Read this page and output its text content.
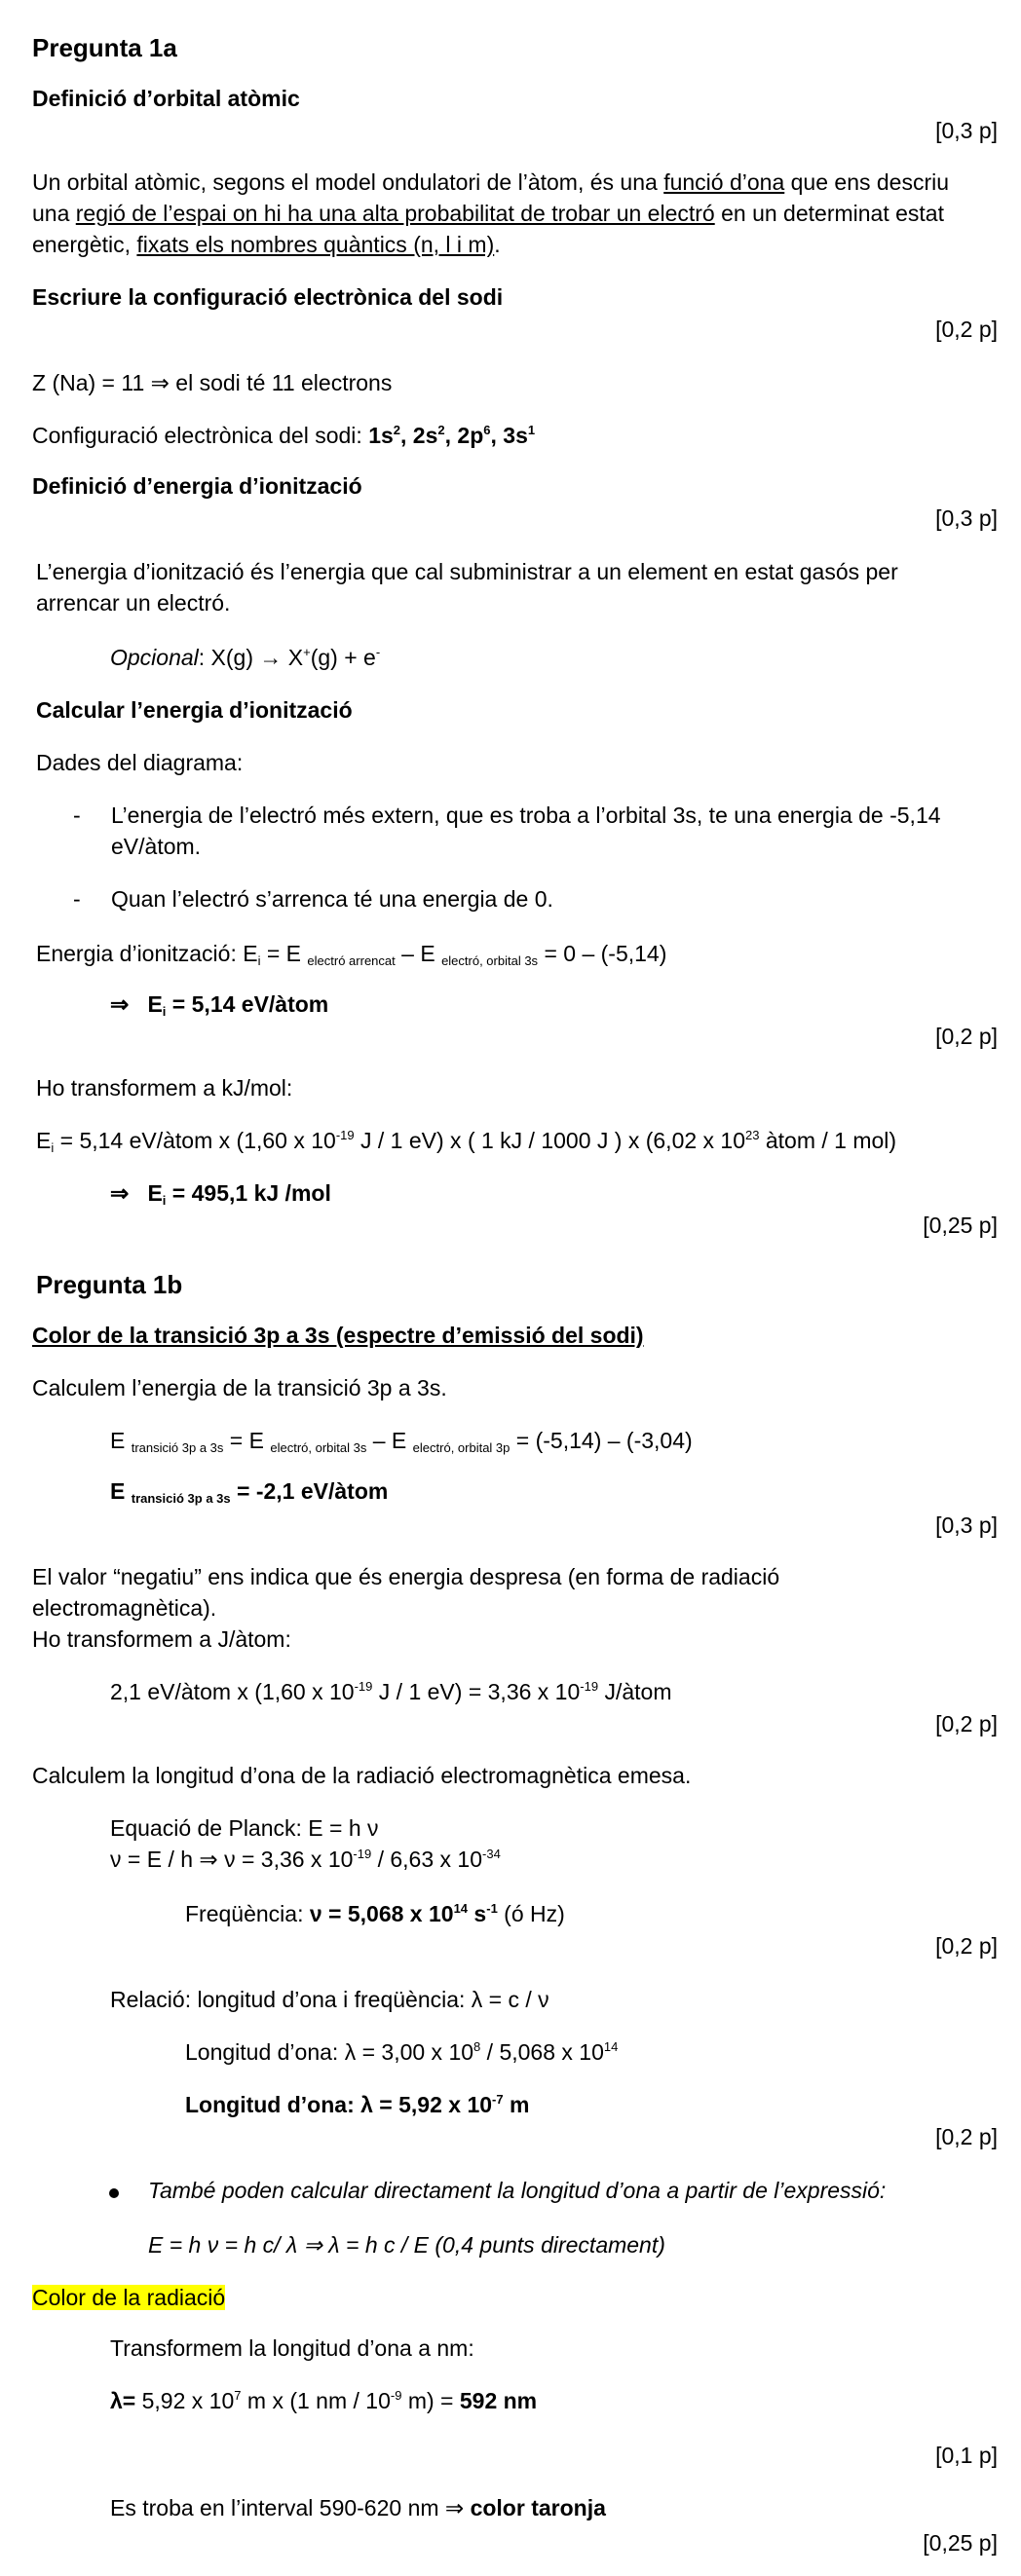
Pregunta 1a
Definició d’orbital atòmic
[0,3 p]
Un orbital atòmic, segons el model ondulatori de l’àtom, és una funció d’ona que ens descriu
una regió de l’espai on hi ha una alta probabilitat de trobar un electró en un determinat estat
energètic, fixats els nombres quàntics (n, l i m).
Escriure la configuració electrònica del sodi
[0,2 p]
Z (Na) = 11 ⇒ el sodi té 11 electrons
Configuració electrònica del sodi: $1s^2$, $2s^2$, $2p^6$, $3s^1$
Definició d’energia d’ionització
[0,3 p]
L’energia d’ionització és l’energia que cal subministrar a un element en estat gasós per
arrencar un electró.
Opcional: X(g) → X+(g) + e-
Calcular l’energia d’ionització
Dades del diagrama:
- L’energia de l’electró més extern, que es troba a l’orbital 3s, te una energia de -5,14
eV/àtom.
- Quan l’electró s’arrenca té una energia de 0.
Energia d’ionització: $E_i = E$ $_{electró arrencat}$ – E $_{electró, orbital 3s}$ = 0 – (-5,14)
⇒ $E_i = 5,14$ eV/àtom
[0,2 p]
Ho transformem a kJ/mol:
$E_i = 5,14$ eV/àtom x (1,60 x $10^{-19}$ J / 1 eV) x ( 1 kJ / 1000 J ) x (6,02 x $10^{23}$ àtom / 1 mol)
⇒ $E_i = 495,1$ kJ /mol
[0,25 p]
Pregunta 1b
Color de la transició 3p a 3s (espectre d’emissió del sodi)
Calculem l’energia de la transició 3p a 3s.
E $_{transició 3p a 3s}$ = E $_{electró, orbital 3s}$ – E $_{electró, orbital 3p}$ = (-5,14) – (-3,04)
E $_{transició 3p a 3s}$ = -2,1 eV/àtom
[0,3 p]
El valor “negatiu” ens indica que és energia despresa (en forma de radiació
electromagnètica).
Ho transformem a J/àtom:
2,1 eV/àtom x (1,60 x $10^{-19}$ J / 1 eV) = 3,36 x $10^{-19}$ J/àtom
[0,2 p]
Calculem la longitud d’ona de la radiació electromagnètica emesa.
Equació de Planck: E = h ν
ν = E / h ⇒ ν = 3,36 x $10^{-19} / 6,63$ x $10^{-34}$
Freqüència: ν = 5,068 x $10^{14}$ $s^{-1}$ (ó Hz)
[0,2 p]
Relació: longitud d’ona i freqüència: λ = c / ν
Longitud d’ona: λ = 3,00 x $10^8 / 5,068$ x $10^{14}$
Longitud d’ona: λ = 5,92 x $10^{-7}$ m
[0,2 p]
També poden calcular directament la longitud d’ona a partir de l’expressió:
E = h ν = h c/ λ ⇒ λ = h c / E (0,4 punts directament)
Color de la radiació
Transformem la longitud d’ona a nm:
λ= 5,92 x $10^7$ m x (1 nm / $10^{-9}$ m) = 592 nm
[0,1 p]
Es troba en l’interval 590-620 nm ⇒ color taronja
[0,25 p]
